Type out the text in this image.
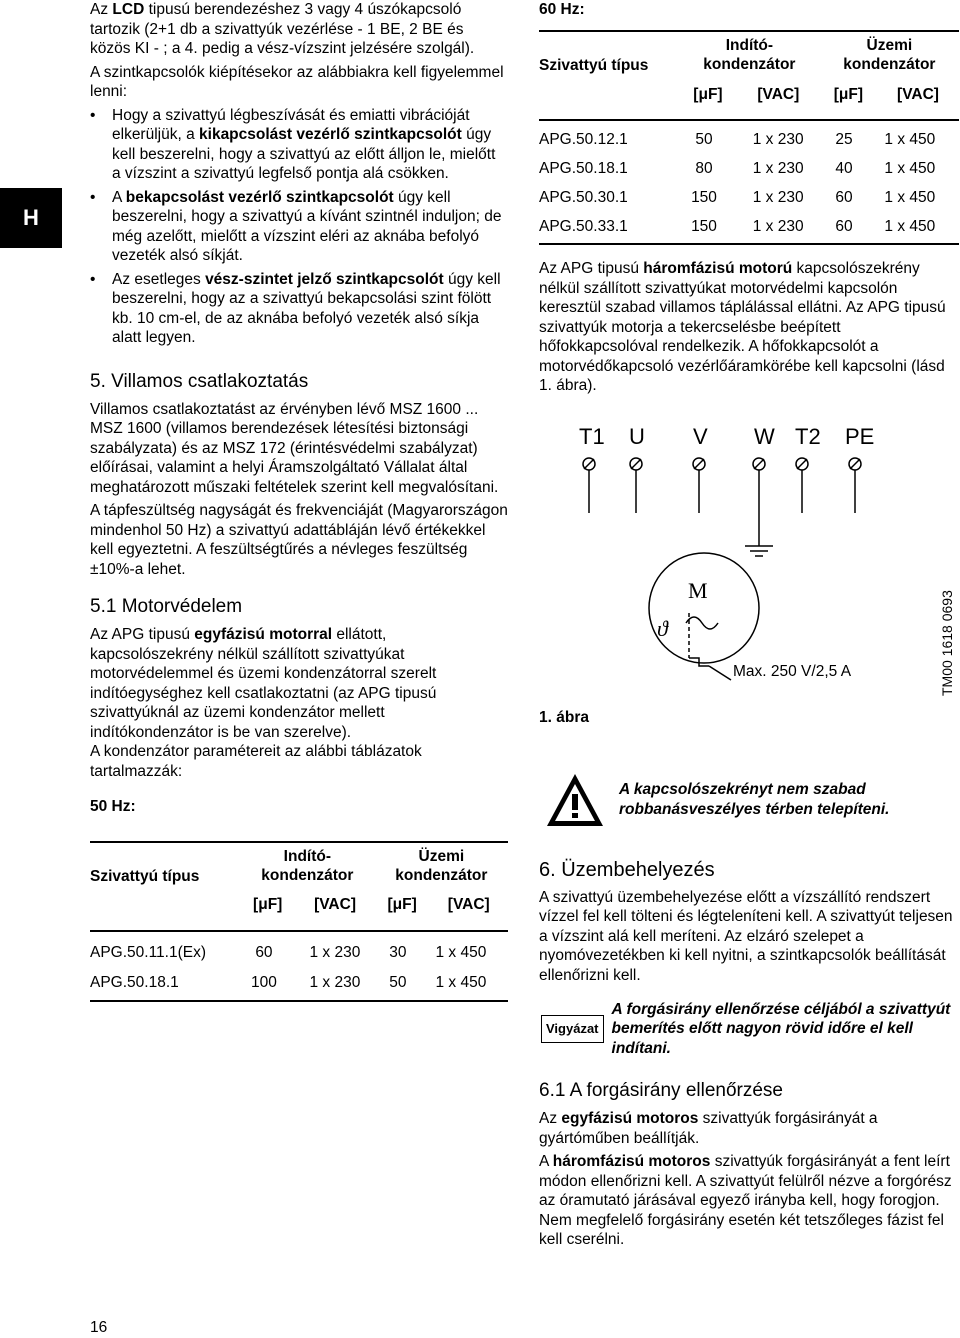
H

Az LCD tipusú berendezéshez 3 vagy 4 úszókapcsoló tartozik (2+1 db a szivattyúk vezérlése - 1 BE, 2 BE és közös KI - ; a 4. pedig a vész-vízszint jelzésére szolgál).

A szintkapcsolók kiépítésekor az alábbiakra kell figyelemmel lenni:

• Hogy a szivattyú légbeszívását és emiatti vibrációját elkerüljük, a kikapcsolást vezérlő szintkapcsolót úgy kell beszerelni, hogy a szivattyú az előtt álljon le, mielőtt a vízszint a szivattyú legfelső pontja alá csökken.
• A bekapcsolást vezérlő szintkapcsolót úgy kell beszerelni, hogy a szivattyú a kívánt szintnél induljon; de még azelőtt, mielőtt a vízszint eléri az aknába befolyó vezeték alsó síkját.
• Az esetleges vész-szintet jelző szintkapcsolót úgy kell beszerelni, hogy az a szivattyú bekapcsolási szint fölött kb. 10 cm-el, de az aknába befolyó vezeték alsó síkja alatt legyen.
5. Villamos csatlakoztatás

Villamos csatlakoztatást az érvényben lévő MSZ 1600 ... MSZ 1600 (villamos berendezések létesítési biztonsági szabályzata) és az MSZ 172 (érintésvédelmi szabályzat) előírásai, valamint a helyi Áramszolgáltató Vállalat által meghatározott műszaki feltételek szerint kell megvalósítani.

A tápfeszültség nagyságát és frekvenciáját (Magyarországon mindenhol 50 Hz) a szivattyú adattábláján lévő értékekkel kell egyeztetni. A feszültségtűrés a névleges feszültség ±10%-a lehet.

5.1 Motorvédelem

Az APG tipusú egyfázisú motorral ellátott, kapcsolószekrény nélkül szállított szivattyúkat motorvédelemmel és üzemi kondenzátorral szerelt indítóegységhez kell csatlakoztatni (az APG tipusú szivattyúknál az üzemi kondenzátor mellett indítókondenzátor is be van szerelve).

A kondenzátor paramétereit az alábbi táblázatok tartalmazzák:

50 Hz:

Szivattyú típus	Indító- kondenzátor		Üzemi kondenzátor	
	[μF]	[VAC]	[μF]	[VAC]
APG.50.11.1(Ex)	60	1 x 230	30	1 x 450
APG.50.18.1	100	1 x 230	50	1 x 450

60 Hz:

Szivattyú típus	Indító- kondenzátor		Üzemi kondenzátor	
	[μF]	[VAC]	[μF]	[VAC]
APG.50.12.1	50	1 x 230	25	1 x 450
APG.50.18.1	80	1 x 230	40	1 x 450
APG.50.30.1	150	1 x 230	60	1 x 450
APG.50.33.1	150	1 x 230	60	1 x 450

Az APG tipusú háromfázisú motorú kapcsolószekrény nélkül szállított szivattyúkat motorvédelmi kapcsolón keresztül szabad villamos táplálással ellátni. Az APG tipusú szivattyúk motorja a tekercselésbe beépített hőfokkapcsolóval rendelkezik. A hőfokkapcsolót a motorvédőkapcsoló vezérlőáramkörébe kell kapcsolni (lásd 1. ábra).

T1 U V W T2 PE
M
ϑ
Max. 250 V/2,5 A	TM00 1618 0693
1. ábra
A kapcsolószekrényt nem szabad robbanásveszélyes térben telepíteni.
6. Üzembehelyezés

A szivattyú üzembehelyezése előtt a vízszállító rendszert vízzel fel kell tölteni és légteleníteni kell. A szivattyút teljesen a vízszint alá kell meríteni. Az elzáró szelepet a nyomóvezetékben ki kell nyitni, a szintkapcsolók beállítását ellenőrizni kell.

Vigyázat
A forgásirány ellenőrzése céljából a szivattyút bemerítés előtt nagyon rövid időre el kell indítani.
6.1 A forgásirány ellenőrzése

Az egyfázisú motoros szivattyúk forgásirányát a gyártóműben beállítják.

A háromfázisú motoros szivattyúk forgásirányát a fent leírt módon ellenőrizni kell. A szivattyút felülről nézve a forgórész az óramutató járásával egyező irányba kell, hogy forogjon. Nem megfelelő forgásirány esetén két tetszőleges fázist fel kell cserélni.

16
